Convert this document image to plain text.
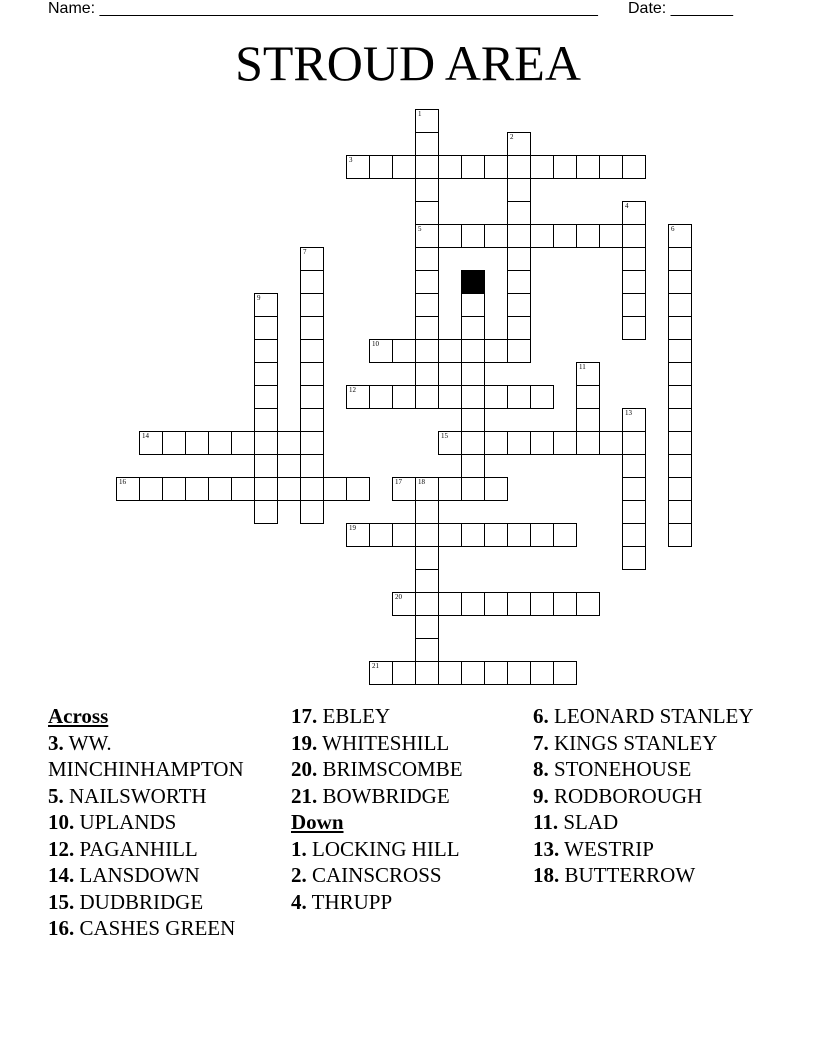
Name: ________________________________________________________ Date: _______
STROUD AREA
1
5
2
3
4
6
7
9
10
11
12
13
14	15
16	17 18
19
20
21
Across
3. WW. MINCHINHAMPTON
5. NAILSWORTH
10. UPLANDS
12. PAGANHILL
14. LANSDOWN
15. DUDBRIDGE
16. CASHES GREEN
17. EBLEY
19. WHITESHILL
20. BRIMSCOMBE
21. BOWBRIDGE
Down
1. LOCKING HILL
2. CAINSCROSS
4. THRUPP
6. LEONARD STANLEY
7. KINGS STANLEY
8. STONEHOUSE
9. RODBOROUGH
11. SLAD
13. WESTRIP
18. BUTTERROW
